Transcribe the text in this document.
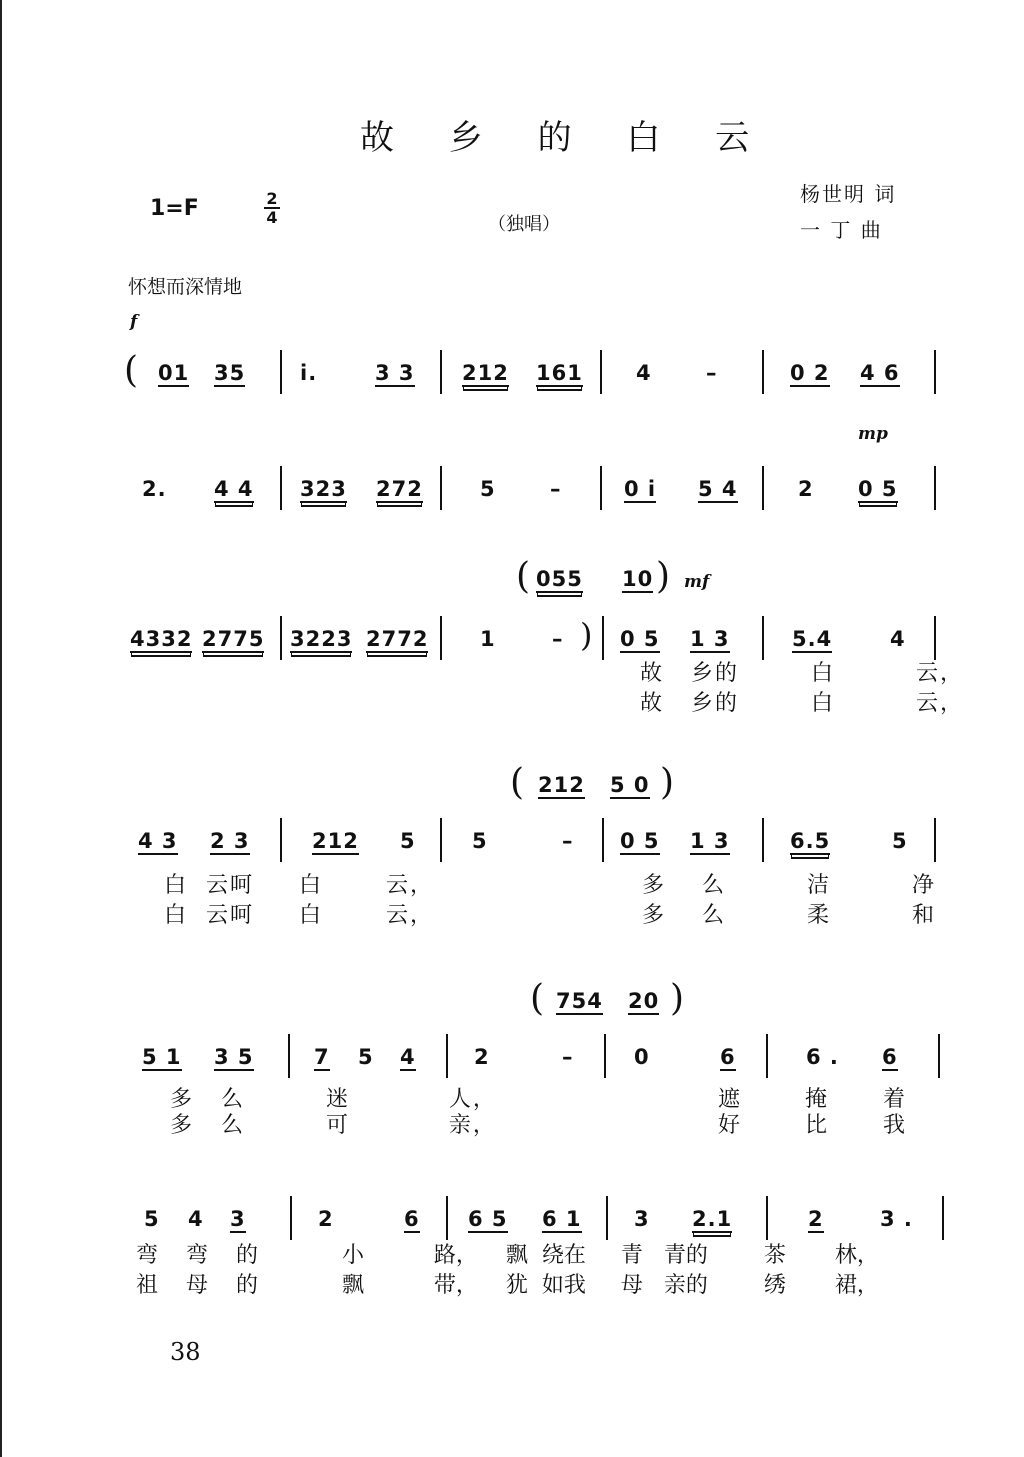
故 乡 的 白 云
杨世明 词
一 丁 曲
1=F	2
4	（独唱）
怀想而深情地
f
( 01 35	i.	3 3 212 161	4	–	0 2 4 6
mp
2. 4 4 323 272	5	–	0 i 5 4	2 0 5
( 055 10 ) mf
4332 2775 3223 2772 1	– ) 0 5 1 3	5.4	4
故 乡的	白	云，
故 乡的	白	云，
( 212 5 0 )
4 3 2 3	212 5	5	– 0 5 1 3	6.5	5
白 云呵 白	云，	多 么	洁	净
白 云呵 白	云，	多 么	柔	和
( 754 20 )
5 1 3 5	7 5 4	2	–	0	6	6 . 6
多 么	迷	人，	遮	掩 着
多 么	可	亲，	好	比 我
5 4 3	2	6 6 5 6 1 3 2.1	2	3 .
弯 弯 的	小	路， 飘 绕在 青 青的	茶 林，
祖 母 的	飘	带， 犹 如我 母 亲的	绣 裙，
38
